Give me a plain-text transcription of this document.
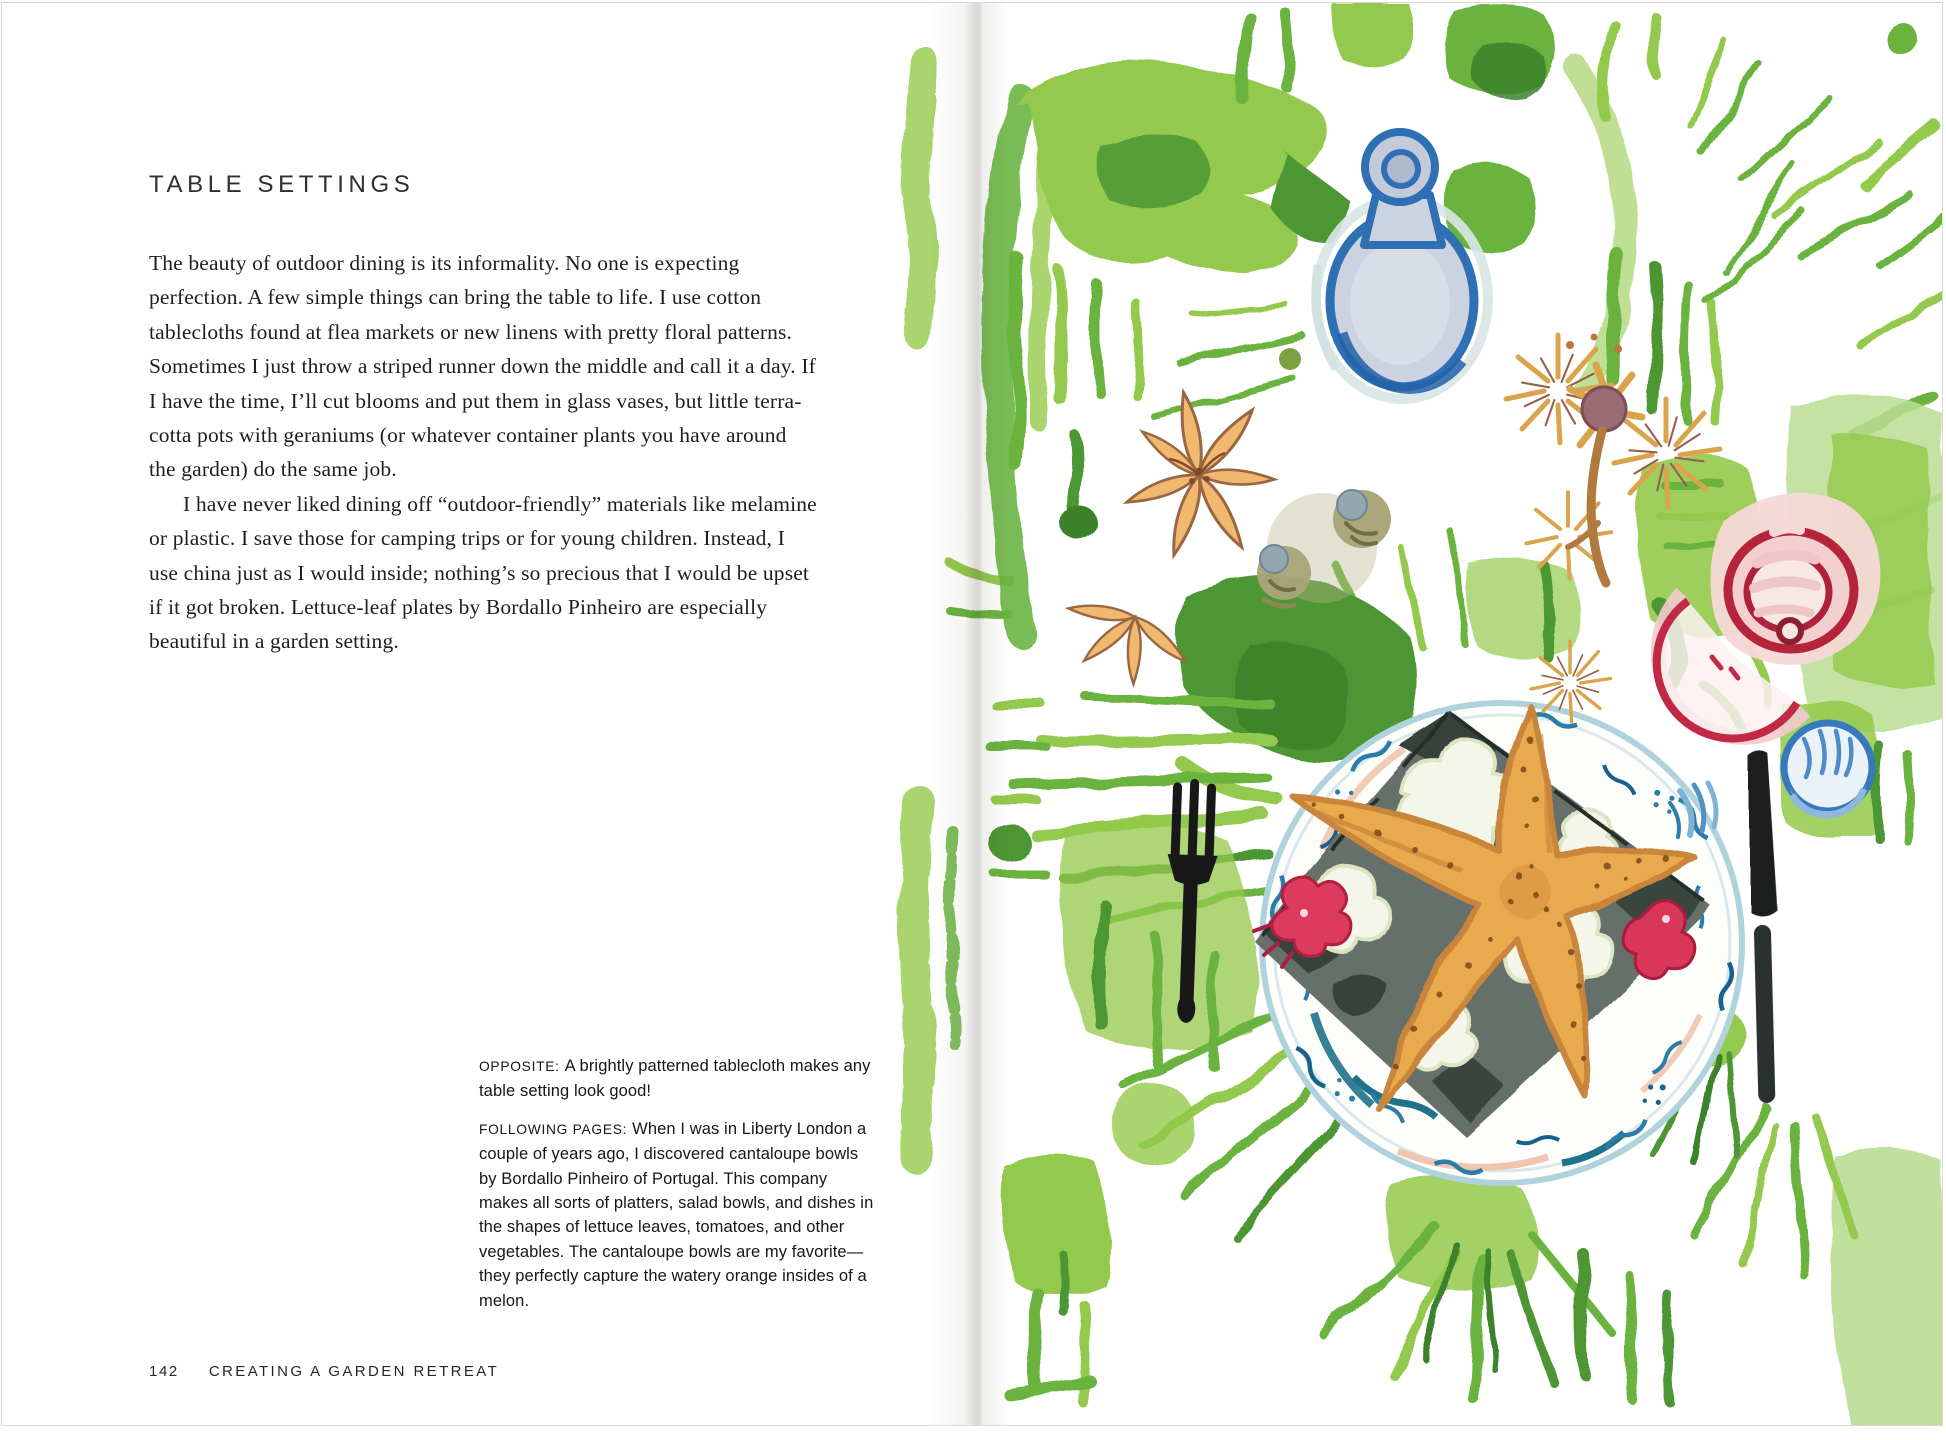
TABLE SETTINGS

The beauty of outdoor dining is its informality. No one is expecting perfection. A few simple things can bring the table to life. I use cotton tablecloths found at flea markets or new linens with pretty floral patterns. Sometimes I just throw a striped runner down the middle and call it a day. If I have the time, I’ll cut blooms and put them in glass vases, but little terra-cotta pots with geraniums (or whatever container plants you have around the garden) do the same job.

I have never liked dining off “outdoor-friendly” materials like melamine or plastic. I save those for camping trips or for young children. Instead, I use china just as I would inside; nothing’s so precious that I would be upset if it got broken. Lettuce-leaf plates by Bordallo Pinheiro are especially beautiful in a garden setting.

OPPOSITE: A brightly patterned tablecloth makes any table setting look good!

FOLLOWING PAGES: When I was in Liberty London a couple of years ago, I discovered cantaloupe bowls by Bordallo Pinheiro of Portugal. This company makes all sorts of platters, salad bowls, and dishes in the shapes of lettuce leaves, tomatoes, and other vegetables. The cantaloupe bowls are my favorite—they perfectly capture the watery orange insides of a melon.

142 CREATING A GARDEN RETREAT
